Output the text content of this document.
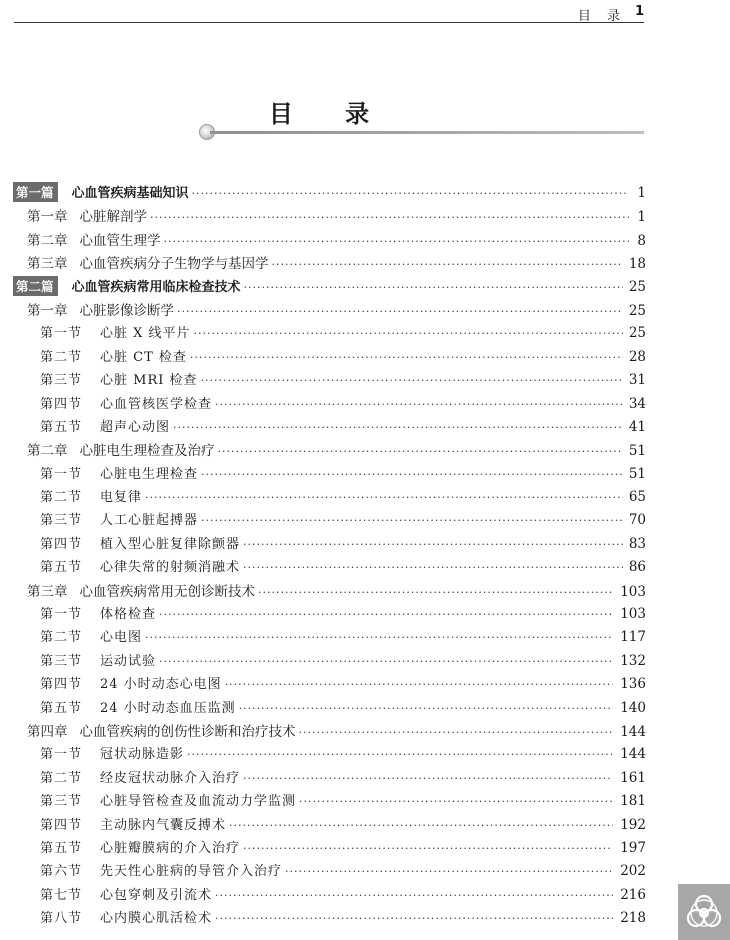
目 录 1
目 录
第一篇	心血管疾病基础知识 ·····	1
第一章 心脏解剖学 ·····	1
第二章 心血管生理学 ·····	8
第三章 心血管疾病分子生物学与基因学 ·····	18
第二篇	心血管疾病常用临床检查技术 ·····	25
第一章 心脏影像诊断学 ·····	25
第一节	心脏 X 线平片 ·····	25
第二节	心脏 CT 检查 ·····	28
第三节	心脏 MRI 检查 ·····	31
第四节	心血管核医学检查 ·····	34
第五节	超声心动图 ·····	41
第二章 心脏电生理检查及治疗 ·····	51
第一节	心脏电生理检查 ·····	51
第二节	电复律 ·····	65
第三节	人工心脏起搏器 ·····	70
第四节	植入型心脏复律除颤器 ·····	83
第五节	心律失常的射频消融术 ·····	86
第三章 心血管疾病常用无创诊断技术 ·····	103
第一节	体格检查 ·····	103
第二节	心电图 ·····	117
第三节	运动试验 ·····	132
第四节	24 小时动态心电图 ·····	136
第五节	24 小时动态血压监测 ·····	140
第四章 心血管疾病的创伤性诊断和治疗技术 ·····	144
第一节	冠状动脉造影 ·····	144
第二节	经皮冠状动脉介入治疗 ·····	161
第三节	心脏导管检查及血流动力学监测 ·····	181
第四节	主动脉内气囊反搏术 ·····	192
第五节	心脏瓣膜病的介入治疗 ·····	197
第六节	先天性心脏病的导管介入治疗 ·····	202
第七节	心包穿刺及引流术 ·····	216
第八节	心内膜心肌活检术 ·····	218
